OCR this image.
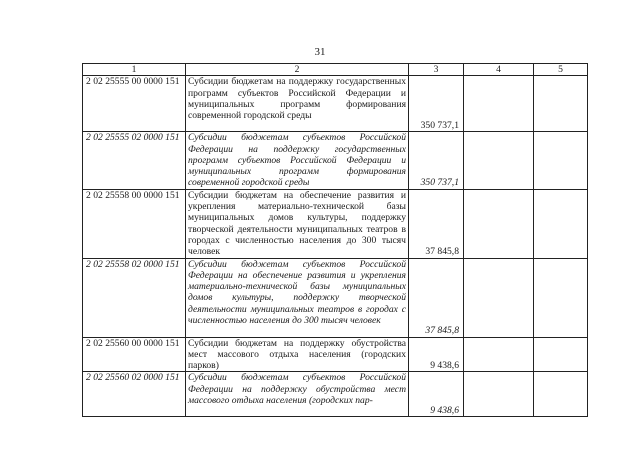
31
1	2	3	4	5
2 02 25555 00 0000 151	Субсидии бюджетам на поддержку государственных программ субъектов Российской Федерации и муниципальных программ формирования современной городской среды	350 737,1		
2 02 25555 02 0000 151	Субсидии бюджетам субъектов Российской Федерации на поддержку государственных программ субъектов Российской Федерации и муниципальных программ формирования современной городской среды	350 737,1		
2 02 25558 00 0000 151	Субсидии бюджетам на обеспечение развития и укрепления материально-технической базы муниципальных домов культуры, поддержку творческой деятельности муниципальных театров в городах с численностью населения до 300 тысяч человек	37 845,8		
2 02 25558 02 0000 151	Субсидии бюджетам субъектов Российской Федерации на обеспечение развития и укрепления материально-технической базы муниципальных домов культуры, поддержку творческой деятельности муниципальных театров в городах с численностью населения до 300 тысяч человек	37 845,8		
2 02 25560 00 0000 151	Субсидии бюджетам на поддержку обустройства мест массового отдыха населения (городских парков)	9 438,6		
2 02 25560 02 0000 151	Субсидии бюджетам субъектов Российской Федерации на поддержку обустройства мест массового отдыха населения (городских пар-	9 438,6		
